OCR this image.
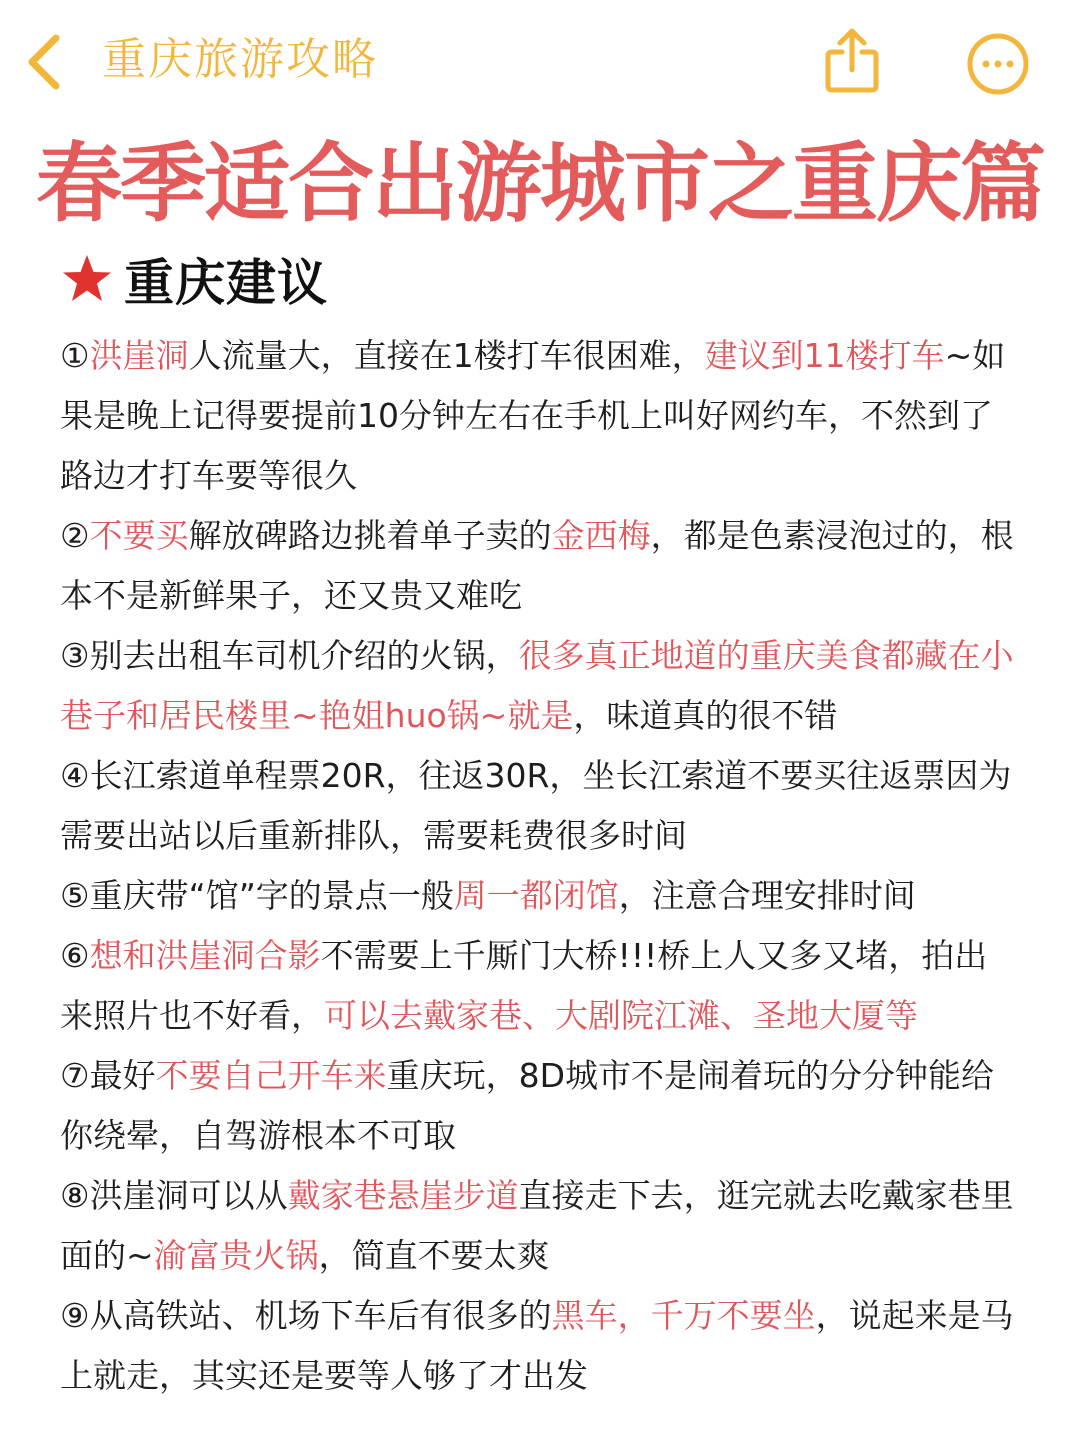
重庆旅游攻略
春季适合出游城市之重庆篇
重庆建议
①洪崖洞人流量大，直接在1楼打车很困难，建议到11楼打车~如果是晚上记得要提前10分钟左右在手机上叫好网约车，不然到了路边才打车要等很久
②不要买解放碑路边挑着单子卖的金西梅，都是色素浸泡过的，根本不是新鲜果子，还又贵又难吃
③别去出租车司机介绍的火锅，很多真正地道的重庆美食都藏在小巷子和居民楼里~艳姐huo锅~就是，味道真的很不错
④长江索道单程票20R，往返30R，坐长江索道不要买往返票因为需要出站以后重新排队，需要耗费很多时间
⑤重庆带“馆”字的景点一般周一都闭馆，注意合理安排时间
⑥想和洪崖洞合影不需要上千厮门大桥!!!桥上人又多又堵，拍出来照片也不好看，可以去戴家巷、大剧院江滩、圣地大厦等
⑦最好不要自己开车来重庆玩，8D城市不是闹着玩的分分钟能给你绕晕，自驾游根本不可取
⑧洪崖洞可以从戴家巷悬崖步道直接走下去，逛完就去吃戴家巷里面的~渝富贵火锅，简直不要太爽
⑨从高铁站、机场下车后有很多的黑车，千万不要坐，说起来是马上就走，其实还是要等人够了才出发
